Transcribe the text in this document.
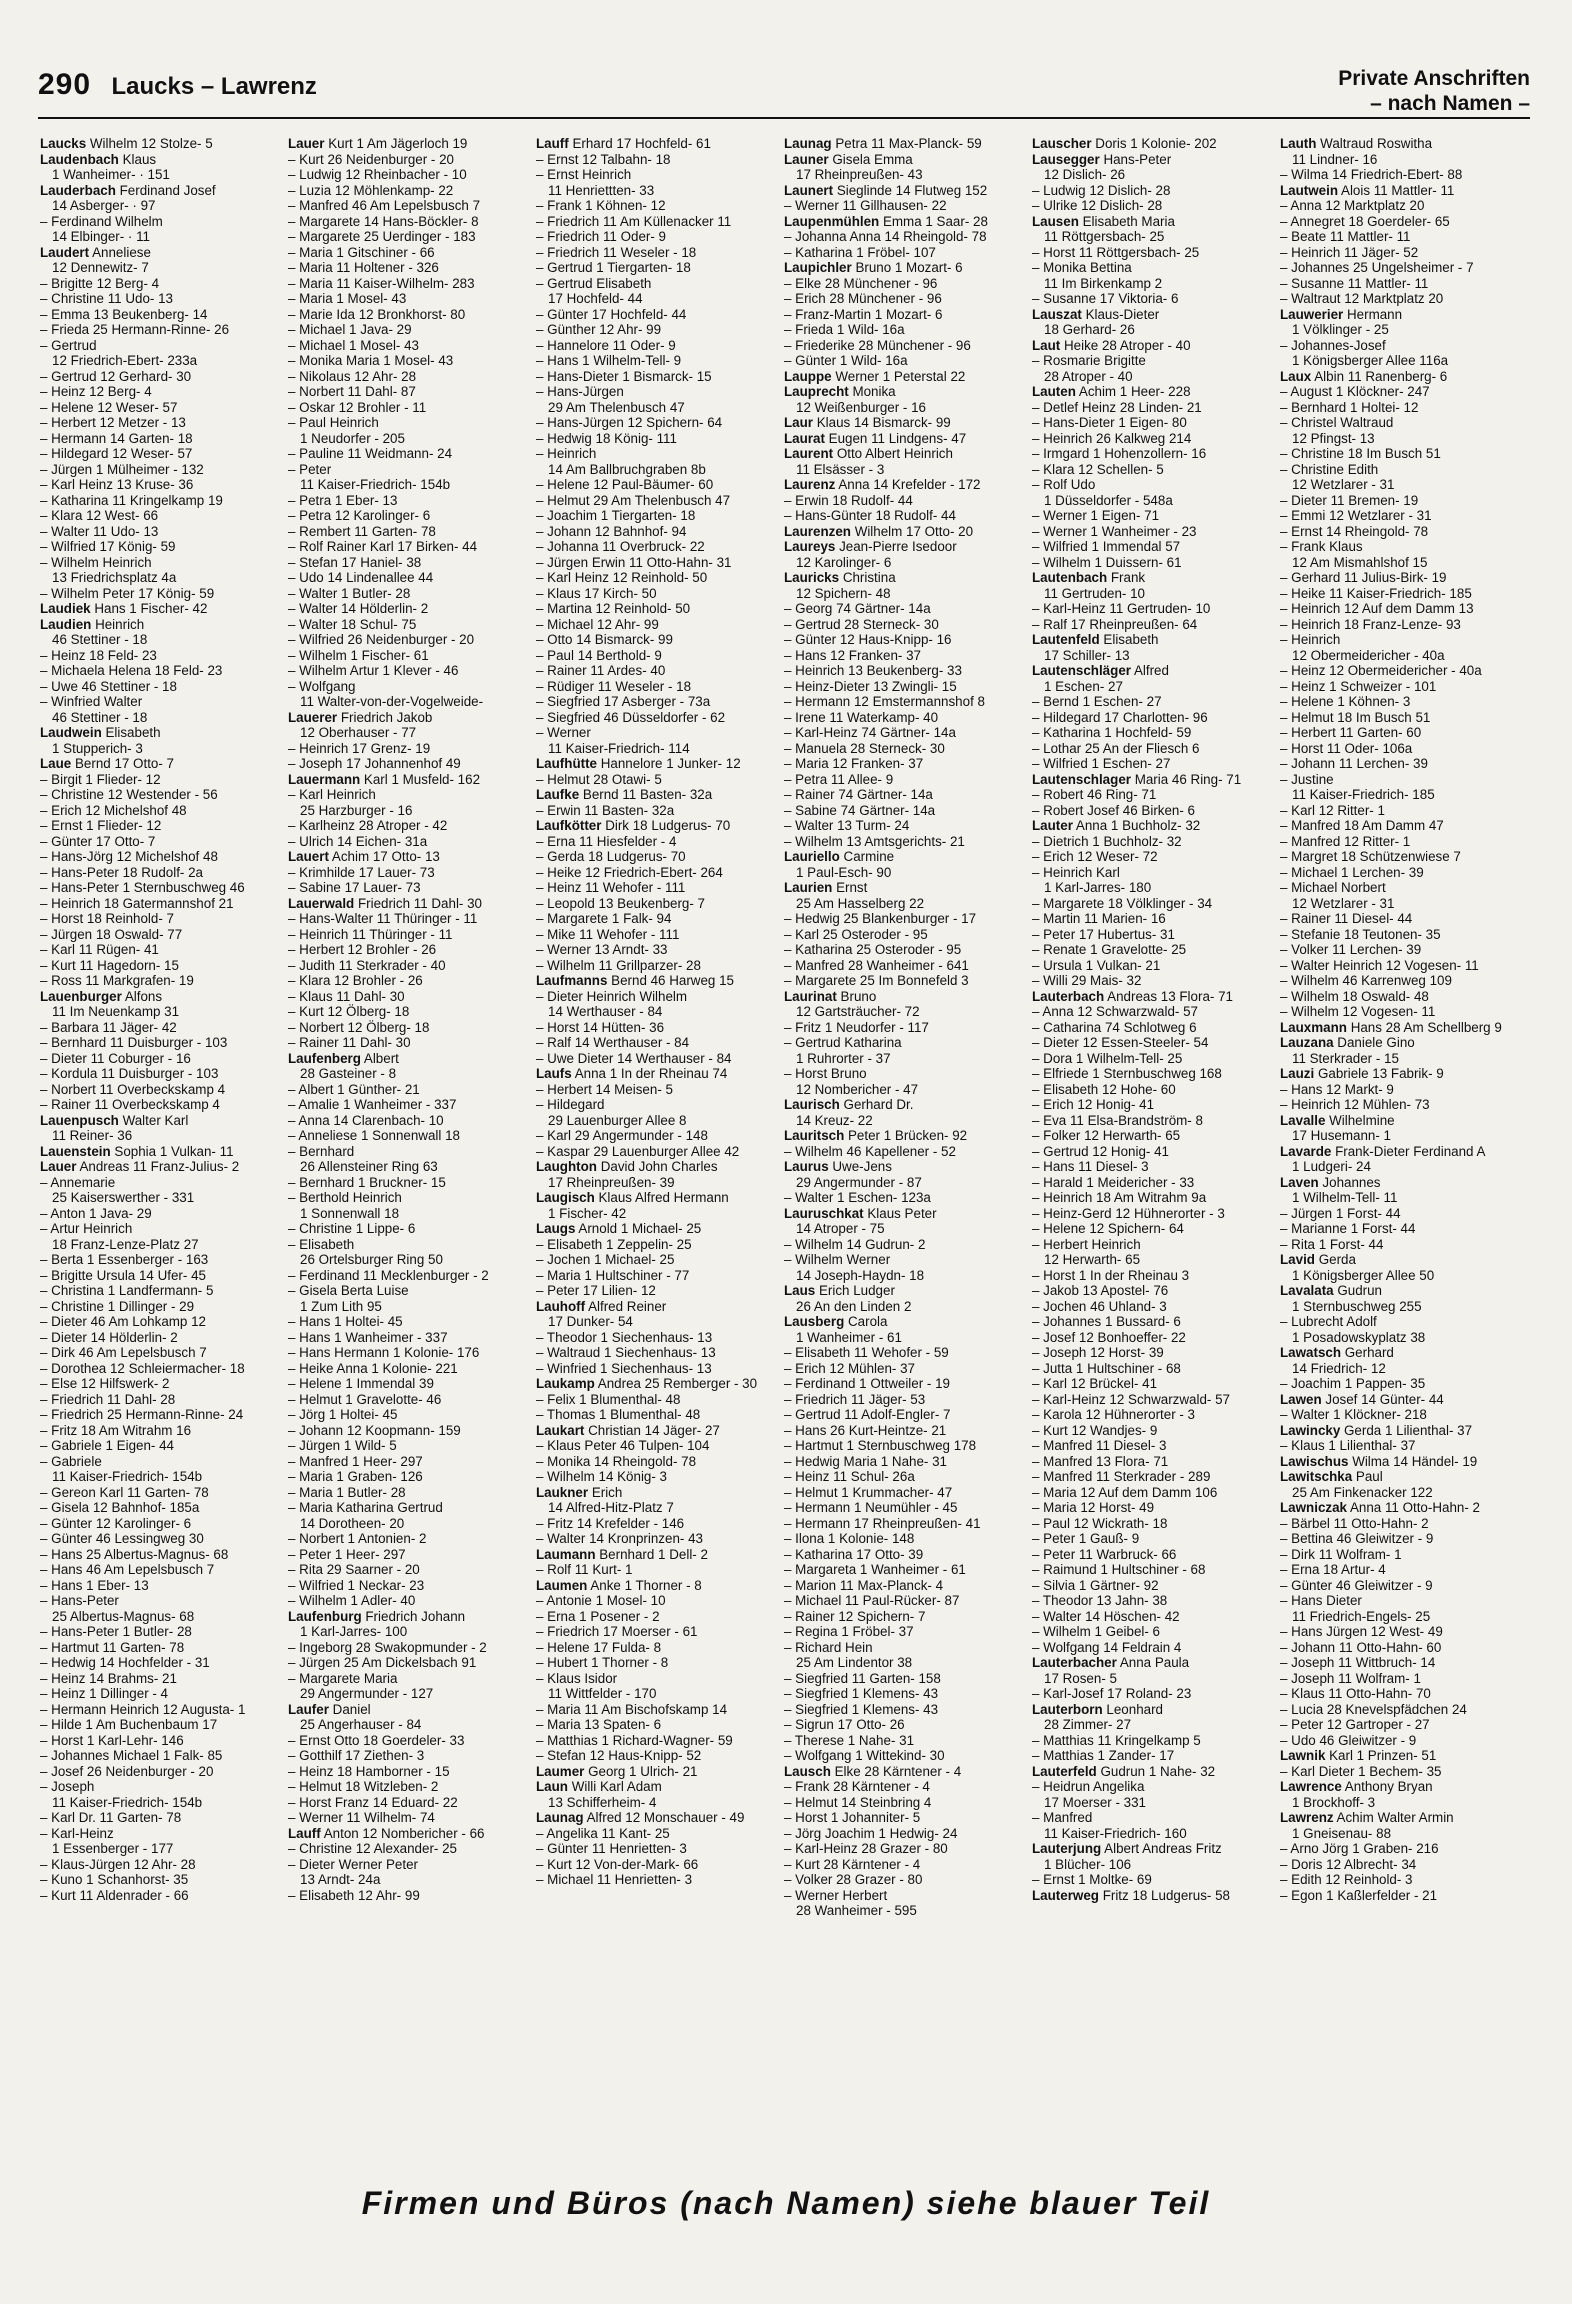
290 Laucks – Lawrenz	Private Anschriften
– nach Namen –
Laucks Wilhelm 12 Stolze- 5
Laudenbach Klaus
1 Wanheimer- · 151
Lauderbach Ferdinand Josef
14 Asberger- · 97
– Ferdinand Wilhelm
14 Elbinger- · 11
Laudert Anneliese
12 Dennewitz- 7
– Brigitte 12 Berg- 4
– Christine 11 Udo- 13
– Emma 13 Beukenberg- 14
– Frieda 25 Hermann-Rinne- 26
– Gertrud
12 Friedrich-Ebert- 233a
– Gertrud 12 Gerhard- 30
– Heinz 12 Berg- 4
– Helene 12 Weser- 57
– Herbert 12 Metzer - 13
– Hermann 14 Garten- 18
– Hildegard 12 Weser- 57
– Jürgen 1 Mülheimer - 132
– Karl Heinz 13 Kruse- 36
– Katharina 11 Kringelkamp 19
– Klara 12 West- 66
– Walter 11 Udo- 13
– Wilfried 17 König- 59
– Wilhelm Heinrich
13 Friedrichsplatz 4a
– Wilhelm Peter 17 König- 59
Laudiek Hans 1 Fischer- 42
Laudien Heinrich
46 Stettiner - 18
– Heinz 18 Feld- 23
– Michaela Helena 18 Feld- 23
– Uwe 46 Stettiner - 18
– Winfried Walter
46 Stettiner - 18
Laudwein Elisabeth
1 Stupperich- 3
Laue Bernd 17 Otto- 7
– Birgit 1 Flieder- 12
– Christine 12 Westender - 56
– Erich 12 Michelshof 48
– Ernst 1 Flieder- 12
– Günter 17 Otto- 7
– Hans-Jörg 12 Michelshof 48
– Hans-Peter 18 Rudolf- 2a
– Hans-Peter 1 Sternbuschweg 46
– Heinrich 18 Gatermannshof 21
– Horst 18 Reinhold- 7
– Jürgen 18 Oswald- 77
– Karl 11 Rügen- 41
– Kurt 11 Hagedorn- 15
– Ross 11 Markgrafen- 19
Lauenburger Alfons
11 Im Neuenkamp 31
– Barbara 11 Jäger- 42
– Bernhard 11 Duisburger - 103
– Dieter 11 Coburger - 16
– Kordula 11 Duisburger - 103
– Norbert 11 Overbeckskamp 4
– Rainer 11 Overbeckskamp 4
Lauenpusch Walter Karl
11 Reiner- 36
Lauenstein Sophia 1 Vulkan- 11
Lauer Andreas 11 Franz-Julius- 2
– Annemarie
25 Kaiserswerther - 331
– Anton 1 Java- 29
– Artur Heinrich
18 Franz-Lenze-Platz 27
– Berta 1 Essenberger - 163
– Brigitte Ursula 14 Ufer- 45
– Christina 1 Landfermann- 5
– Christine 1 Dillinger - 29
– Dieter 46 Am Lohkamp 12
– Dieter 14 Hölderlin- 2
– Dirk 46 Am Lepelsbusch 7
– Dorothea 12 Schleiermacher- 18
– Else 12 Hilfswerk- 2
– Friedrich 11 Dahl- 28
– Friedrich 25 Hermann-Rinne- 24
– Fritz 18 Am Witrahm 16
– Gabriele 1 Eigen- 44
– Gabriele
11 Kaiser-Friedrich- 154b
– Gereon Karl 11 Garten- 78
– Gisela 12 Bahnhof- 185a
– Günter 12 Karolinger- 6
– Günter 46 Lessingweg 30
– Hans 25 Albertus-Magnus- 68
– Hans 46 Am Lepelsbusch 7
– Hans 1 Eber- 13
– Hans-Peter
25 Albertus-Magnus- 68
– Hans-Peter 1 Butler- 28
– Hartmut 11 Garten- 78
– Hedwig 14 Hochfelder - 31
– Heinz 14 Brahms- 21
– Heinz 1 Dillinger - 4
– Hermann Heinrich 12 Augusta- 1
– Hilde 1 Am Buchenbaum 17
– Horst 1 Karl-Lehr- 146
– Johannes Michael 1 Falk- 85
– Josef 26 Neidenburger - 20
– Joseph
11 Kaiser-Friedrich- 154b
– Karl Dr. 11 Garten- 78
– Karl-Heinz
1 Essenberger - 177
– Klaus-Jürgen 12 Ahr- 28
– Kuno 1 Schanhorst- 35
– Kurt 11 Aldenrader - 66
Lauer Kurt 1 Am Jägerloch 19
– Kurt 26 Neidenburger - 20
– Ludwig 12 Rheinbacher - 10
– Luzia 12 Möhlenkamp- 22
– Manfred 46 Am Lepelsbusch 7
– Margarete 14 Hans-Böckler- 8
– Margarete 25 Uerdinger - 183
– Maria 1 Gitschiner - 66
– Maria 11 Holtener - 326
– Maria 11 Kaiser-Wilhelm- 283
– Maria 1 Mosel- 43
– Marie Ida 12 Bronkhorst- 80
– Michael 1 Java- 29
– Michael 1 Mosel- 43
– Monika Maria 1 Mosel- 43
– Nikolaus 12 Ahr- 28
– Norbert 11 Dahl- 87
– Oskar 12 Brohler - 11
– Paul Heinrich
1 Neudorfer - 205
– Pauline 11 Weidmann- 24
– Peter
11 Kaiser-Friedrich- 154b
– Petra 1 Eber- 13
– Petra 12 Karolinger- 6
– Rembert 11 Garten- 78
– Rolf Rainer Karl 17 Birken- 44
– Stefan 17 Haniel- 38
– Udo 14 Lindenallee 44
– Walter 1 Butler- 28
– Walter 14 Hölderlin- 2
– Walter 18 Schul- 75
– Wilfried 26 Neidenburger - 20
– Wilhelm 1 Fischer- 61
– Wilhelm Artur 1 Klever - 46
– Wolfgang
11 Walter-von-der-Vogelweide-
Lauerer Friedrich Jakob
12 Oberhauser - 77
– Heinrich 17 Grenz- 19
– Joseph 17 Johannenhof 49
Lauermann Karl 1 Musfeld- 162
– Karl Heinrich
25 Harzburger - 16
– Karlheinz 28 Atroper - 42
– Ulrich 14 Eichen- 31a
Lauert Achim 17 Otto- 13
– Krimhilde 17 Lauer- 73
– Sabine 17 Lauer- 73
Lauerwald Friedrich 11 Dahl- 30
– Hans-Walter 11 Thüringer - 11
– Heinrich 11 Thüringer - 11
– Herbert 12 Brohler - 26
– Judith 11 Sterkrader - 40
– Klara 12 Brohler - 26
– Klaus 11 Dahl- 30
– Kurt 12 Ölberg- 18
– Norbert 12 Ölberg- 18
– Rainer 11 Dahl- 30
Laufenberg Albert
28 Gasteiner - 8
– Albert 1 Günther- 21
– Amalie 1 Wanheimer - 337
– Anna 14 Clarenbach- 10
– Anneliese 1 Sonnenwall 18
– Bernhard
26 Allensteiner Ring 63
– Bernhard 1 Bruckner- 15
– Berthold Heinrich
1 Sonnenwall 18
– Christine 1 Lippe- 6
– Elisabeth
26 Ortelsburger Ring 50
– Ferdinand 11 Mecklenburger - 2
– Gisela Berta Luise
1 Zum Lith 95
– Hans 1 Holtei- 45
– Hans 1 Wanheimer - 337
– Hans Hermann 1 Kolonie- 176
– Heike Anna 1 Kolonie- 221
– Helene 1 Immendal 39
– Helmut 1 Gravelotte- 46
– Jörg 1 Holtei- 45
– Johann 12 Koopmann- 159
– Jürgen 1 Wild- 5
– Manfred 1 Heer- 297
– Maria 1 Graben- 126
– Maria 1 Butler- 28
– Maria Katharina Gertrud
14 Dorotheen- 20
– Norbert 1 Antonien- 2
– Peter 1 Heer- 297
– Rita 29 Saarner - 20
– Wilfried 1 Neckar- 23
– Wilhelm 1 Adler- 40
Laufenburg Friedrich Johann
1 Karl-Jarres- 100
– Ingeborg 28 Swakopmunder - 2
– Jürgen 25 Am Dickelsbach 91
– Margarete Maria
29 Angermunder - 127
Laufer Daniel
25 Angerhauser - 84
– Ernst Otto 18 Goerdeler- 33
– Gotthilf 17 Ziethen- 3
– Heinz 18 Hamborner - 15
– Helmut 18 Witzleben- 2
– Horst Franz 14 Eduard- 22
– Werner 11 Wilhelm- 74
Lauff Anton 12 Nombericher - 66
– Christine 12 Alexander- 25
– Dieter Werner Peter
13 Arndt- 24a
– Elisabeth 12 Ahr- 99
Lauff Erhard 17 Hochfeld- 61
– Ernst 12 Talbahn- 18
– Ernst Heinrich
11 Henriettten- 33
– Frank 1 Köhnen- 12
– Friedrich 11 Am Küllenacker 11
– Friedrich 11 Oder- 9
– Friedrich 11 Weseler - 18
– Gertrud 1 Tiergarten- 18
– Gertrud Elisabeth
17 Hochfeld- 44
– Günter 17 Hochfeld- 44
– Günther 12 Ahr- 99
– Hannelore 11 Oder- 9
– Hans 1 Wilhelm-Tell- 9
– Hans-Dieter 1 Bismarck- 15
– Hans-Jürgen
29 Am Thelenbusch 47
– Hans-Jürgen 12 Spichern- 64
– Hedwig 18 König- 111
– Heinrich
14 Am Ballbruchgraben 8b
– Helene 12 Paul-Bäumer- 60
– Helmut 29 Am Thelenbusch 47
– Joachim 1 Tiergarten- 18
– Johann 12 Bahnhof- 94
– Johanna 11 Overbruck- 22
– Jürgen Erwin 11 Otto-Hahn- 31
– Karl Heinz 12 Reinhold- 50
– Klaus 17 Kirch- 50
– Martina 12 Reinhold- 50
– Michael 12 Ahr- 99
– Otto 14 Bismarck- 99
– Paul 14 Berthold- 9
– Rainer 11 Ardes- 40
– Rüdiger 11 Weseler - 18
– Siegfried 17 Asberger - 73a
– Siegfried 46 Düsseldorfer - 62
– Werner
11 Kaiser-Friedrich- 114
Laufhütte Hannelore 1 Junker- 12
– Helmut 28 Otawi- 5
Laufke Bernd 11 Basten- 32a
– Erwin 11 Basten- 32a
Laufkötter Dirk 18 Ludgerus- 70
– Erna 11 Hiesfelder - 4
– Gerda 18 Ludgerus- 70
– Heike 12 Friedrich-Ebert- 264
– Heinz 11 Wehofer - 111
– Leopold 13 Beukenberg- 7
– Margarete 1 Falk- 94
– Mike 11 Wehofer - 111
– Werner 13 Arndt- 33
– Wilhelm 11 Grillparzer- 28
Laufmanns Bernd 46 Harweg 15
– Dieter Heinrich Wilhelm
14 Werthauser - 84
– Horst 14 Hütten- 36
– Ralf 14 Werthauser - 84
– Uwe Dieter 14 Werthauser - 84
Laufs Anna 1 In der Rheinau 74
– Herbert 14 Meisen- 5
– Hildegard
29 Lauenburger Allee 8
– Karl 29 Angermunder - 148
– Kaspar 29 Lauenburger Allee 42
Laughton David John Charles
17 Rheinpreußen- 39
Laugisch Klaus Alfred Hermann
1 Fischer- 42
Laugs Arnold 1 Michael- 25
– Elisabeth 1 Zeppelin- 25
– Jochen 1 Michael- 25
– Maria 1 Hultschiner - 77
– Peter 17 Lilien- 12
Lauhoff Alfred Reiner
17 Dunker- 54
– Theodor 1 Siechenhaus- 13
– Waltraud 1 Siechenhaus- 13
– Winfried 1 Siechenhaus- 13
Laukamp Andrea 25 Remberger - 30
– Felix 1 Blumenthal- 48
– Thomas 1 Blumenthal- 48
Laukart Christian 14 Jäger- 27
– Klaus Peter 46 Tulpen- 104
– Monika 14 Rheingold- 78
– Wilhelm 14 König- 3
Laukner Erich
14 Alfred-Hitz-Platz 7
– Fritz 14 Krefelder - 146
– Walter 14 Kronprinzen- 43
Laumann Bernhard 1 Dell- 2
– Rolf 11 Kurt- 1
Laumen Anke 1 Thorner - 8
– Antonie 1 Mosel- 10
– Erna 1 Posener - 2
– Friedrich 17 Moerser - 61
– Helene 17 Fulda- 8
– Hubert 1 Thorner - 8
– Klaus Isidor
11 Wittfelder - 170
– Maria 11 Am Bischofskamp 14
– Maria 13 Spaten- 6
– Matthias 1 Richard-Wagner- 59
– Stefan 12 Haus-Knipp- 52
Laumer Georg 1 Ulrich- 21
Laun Willi Karl Adam
13 Schifferheim- 4
Launag Alfred 12 Monschauer - 49
– Angelika 11 Kant- 25
– Günter 11 Henrietten- 3
– Kurt 12 Von-der-Mark- 66
– Michael 11 Henrietten- 3
Launag Petra 11 Max-Planck- 59
Launer Gisela Emma
17 Rheinpreußen- 43
Launert Sieglinde 14 Flutweg 152
– Werner 11 Gillhausen- 22
Laupenmühlen Emma 1 Saar- 28
– Johanna Anna 14 Rheingold- 78
– Katharina 1 Fröbel- 107
Laupichler Bruno 1 Mozart- 6
– Elke 28 Münchener - 96
– Erich 28 Münchener - 96
– Franz-Martin 1 Mozart- 6
– Frieda 1 Wild- 16a
– Friederike 28 Münchener - 96
– Günter 1 Wild- 16a
Lauppe Werner 1 Peterstal 22
Lauprecht Monika
12 Weißenburger - 16
Laur Klaus 14 Bismarck- 99
Laurat Eugen 11 Lindgens- 47
Laurent Otto Albert Heinrich
11 Elsässer - 3
Laurenz Anna 14 Krefelder - 172
– Erwin 18 Rudolf- 44
– Hans-Günter 18 Rudolf- 44
Laurenzen Wilhelm 17 Otto- 20
Laureys Jean-Pierre Isedoor
12 Karolinger- 6
Lauricks Christina
12 Spichern- 48
– Georg 74 Gärtner- 14a
– Gertrud 28 Sterneck- 30
– Günter 12 Haus-Knipp- 16
– Hans 12 Franken- 37
– Heinrich 13 Beukenberg- 33
– Heinz-Dieter 13 Zwingli- 15
– Hermann 12 Emstermannshof 8
– Irene 11 Waterkamp- 40
– Karl-Heinz 74 Gärtner- 14a
– Manuela 28 Sterneck- 30
– Maria 12 Franken- 37
– Petra 11 Allee- 9
– Rainer 74 Gärtner- 14a
– Sabine 74 Gärtner- 14a
– Walter 13 Turm- 24
– Wilhelm 13 Amtsgerichts- 21
Lauriello Carmine
1 Paul-Esch- 90
Laurien Ernst
25 Am Hasselberg 22
– Hedwig 25 Blankenburger - 17
– Karl 25 Osteroder - 95
– Katharina 25 Osteroder - 95
– Manfred 28 Wanheimer - 641
– Margarete 25 Im Bonnefeld 3
Laurinat Bruno
12 Gartsträucher- 72
– Fritz 1 Neudorfer - 117
– Gertrud Katharina
1 Ruhrorter - 37
– Horst Bruno
12 Nombericher - 47
Laurisch Gerhard Dr.
14 Kreuz- 22
Lauritsch Peter 1 Brücken- 92
– Wilhelm 46 Kapellener - 52
Laurus Uwe-Jens
29 Angermunder - 87
– Walter 1 Eschen- 123a
Lauruschkat Klaus Peter
14 Atroper - 75
– Wilhelm 14 Gudrun- 2
– Wilhelm Werner
14 Joseph-Haydn- 18
Laus Erich Ludger
26 An den Linden 2
Lausberg Carola
1 Wanheimer - 61
– Elisabeth 11 Wehofer - 59
– Erich 12 Mühlen- 37
– Ferdinand 1 Ottweiler - 19
– Friedrich 11 Jäger- 53
– Gertrud 11 Adolf-Engler- 7
– Hans 26 Kurt-Heintze- 21
– Hartmut 1 Sternbuschweg 178
– Hedwig Maria 1 Nahe- 31
– Heinz 11 Schul- 26a
– Helmut 1 Krummacher- 47
– Hermann 1 Neumühler - 45
– Hermann 17 Rheinpreußen- 41
– Ilona 1 Kolonie- 148
– Katharina 17 Otto- 39
– Margareta 1 Wanheimer - 61
– Marion 11 Max-Planck- 4
– Michael 11 Paul-Rücker- 87
– Rainer 12 Spichern- 7
– Regina 1 Fröbel- 37
– Richard Hein
25 Am Lindentor 38
– Siegfried 11 Garten- 158
– Siegfried 1 Klemens- 43
– Siegfried 1 Klemens- 43
– Sigrun 17 Otto- 26
– Therese 1 Nahe- 31
– Wolfgang 1 Wittekind- 30
Lausch Elke 28 Kärntener - 4
– Frank 28 Kärntener - 4
– Helmut 14 Steinbring 4
– Horst 1 Johanniter- 5
– Jörg Joachim 1 Hedwig- 24
– Karl-Heinz 28 Grazer - 80
– Kurt 28 Kärntener - 4
– Volker 28 Grazer - 80
– Werner Herbert
28 Wanheimer - 595
Lauscher Doris 1 Kolonie- 202
Lausegger Hans-Peter
12 Dislich- 26
– Ludwig 12 Dislich- 28
– Ulrike 12 Dislich- 28
Lausen Elisabeth Maria
11 Röttgersbach- 25
– Horst 11 Röttgersbach- 25
– Monika Bettina
11 Im Birkenkamp 2
– Susanne 17 Viktoria- 6
Lauszat Klaus-Dieter
18 Gerhard- 26
Laut Heike 28 Atroper - 40
– Rosmarie Brigitte
28 Atroper - 40
Lauten Achim 1 Heer- 228
– Detlef Heinz 28 Linden- 21
– Hans-Dieter 1 Eigen- 80
– Heinrich 26 Kalkweg 214
– Irmgard 1 Hohenzollern- 16
– Klara 12 Schellen- 5
– Rolf Udo
1 Düsseldorfer - 548a
– Werner 1 Eigen- 71
– Werner 1 Wanheimer - 23
– Wilfried 1 Immendal 57
– Wilhelm 1 Duissern- 61
Lautenbach Frank
11 Gertruden- 10
– Karl-Heinz 11 Gertruden- 10
– Ralf 17 Rheinpreußen- 64
Lautenfeld Elisabeth
17 Schiller- 13
Lautenschläger Alfred
1 Eschen- 27
– Bernd 1 Eschen- 27
– Hildegard 17 Charlotten- 96
– Katharina 1 Hochfeld- 59
– Lothar 25 An der Fliesch 6
– Wilfried 1 Eschen- 27
Lautenschlager Maria 46 Ring- 71
– Robert 46 Ring- 71
– Robert Josef 46 Birken- 6
Lauter Anna 1 Buchholz- 32
– Dietrich 1 Buchholz- 32
– Erich 12 Weser- 72
– Heinrich Karl
1 Karl-Jarres- 180
– Margarete 18 Völklinger - 34
– Martin 11 Marien- 16
– Peter 17 Hubertus- 31
– Renate 1 Gravelotte- 25
– Ursula 1 Vulkan- 21
– Willi 29 Mais- 32
Lauterbach Andreas 13 Flora- 71
– Anna 12 Schwarzwald- 57
– Catharina 74 Schlotweg 6
– Dieter 12 Essen-Steeler- 54
– Dora 1 Wilhelm-Tell- 25
– Elfriede 1 Sternbuschweg 168
– Elisabeth 12 Hohe- 60
– Erich 12 Honig- 41
– Eva 11 Elsa-Brandström- 8
– Folker 12 Herwarth- 65
– Gertrud 12 Honig- 41
– Hans 11 Diesel- 3
– Harald 1 Meidericher - 33
– Heinrich 18 Am Witrahm 9a
– Heinz-Gerd 12 Hühnerorter - 3
– Helene 12 Spichern- 64
– Herbert Heinrich
12 Herwarth- 65
– Horst 1 In der Rheinau 3
– Jakob 13 Apostel- 76
– Jochen 46 Uhland- 3
– Johannes 1 Bussard- 6
– Josef 12 Bonhoeffer- 22
– Joseph 12 Horst- 39
– Jutta 1 Hultschiner - 68
– Karl 12 Brückel- 41
– Karl-Heinz 12 Schwarzwald- 57
– Karola 12 Hühnerorter - 3
– Kurt 12 Wandjes- 9
– Manfred 11 Diesel- 3
– Manfred 13 Flora- 71
– Manfred 11 Sterkrader - 289
– Maria 12 Auf dem Damm 106
– Maria 12 Horst- 49
– Paul 12 Wickrath- 18
– Peter 1 Gauß- 9
– Peter 11 Warbruck- 66
– Raimund 1 Hultschiner - 68
– Silvia 1 Gärtner- 92
– Theodor 13 Jahn- 38
– Walter 14 Höschen- 42
– Wilhelm 1 Geibel- 6
– Wolfgang 14 Feldrain 4
Lauterbacher Anna Paula
17 Rosen- 5
– Karl-Josef 17 Roland- 23
Lauterborn Leonhard
28 Zimmer- 27
– Matthias 11 Kringelkamp 5
– Matthias 1 Zander- 17
Lauterfeld Gudrun 1 Nahe- 32
– Heidrun Angelika
17 Moerser - 331
– Manfred
11 Kaiser-Friedrich- 160
Lauterjung Albert Andreas Fritz
1 Blücher- 106
– Ernst 1 Moltke- 69
Lauterweg Fritz 18 Ludgerus- 58
Lauth Waltraud Roswitha
11 Lindner- 16
– Wilma 14 Friedrich-Ebert- 88
Lautwein Alois 11 Mattler- 11
– Anna 12 Marktplatz 20
– Annegret 18 Goerdeler- 65
– Beate 11 Mattler- 11
– Heinrich 11 Jäger- 52
– Johannes 25 Ungelsheimer - 7
– Susanne 11 Mattler- 11
– Waltraut 12 Marktplatz 20
Lauwerier Hermann
1 Völklinger - 25
– Johannes-Josef
1 Königsberger Allee 116a
Laux Albin 11 Ranenberg- 6
– August 1 Klöckner- 247
– Bernhard 1 Holtei- 12
– Christel Waltraud
12 Pfingst- 13
– Christine 18 Im Busch 51
– Christine Edith
12 Wetzlarer - 31
– Dieter 11 Bremen- 19
– Emmi 12 Wetzlarer - 31
– Ernst 14 Rheingold- 78
– Frank Klaus
12 Am Mismahlshof 15
– Gerhard 11 Julius-Birk- 19
– Heike 11 Kaiser-Friedrich- 185
– Heinrich 12 Auf dem Damm 13
– Heinrich 18 Franz-Lenze- 93
– Heinrich
12 Obermeidericher - 40a
– Heinz 12 Obermeidericher - 40a
– Heinz 1 Schweizer - 101
– Helene 1 Köhnen- 3
– Helmut 18 Im Busch 51
– Herbert 11 Garten- 60
– Horst 11 Oder- 106a
– Johann 11 Lerchen- 39
– Justine
11 Kaiser-Friedrich- 185
– Karl 12 Ritter- 1
– Manfred 18 Am Damm 47
– Manfred 12 Ritter- 1
– Margret 18 Schützenwiese 7
– Michael 1 Lerchen- 39
– Michael Norbert
12 Wetzlarer - 31
– Rainer 11 Diesel- 44
– Stefanie 18 Teutonen- 35
– Volker 11 Lerchen- 39
– Walter Heinrich 12 Vogesen- 11
– Wilhelm 46 Karrenweg 109
– Wilhelm 18 Oswald- 48
– Wilhelm 12 Vogesen- 11
Lauxmann Hans 28 Am Schellberg 9
Lauzana Daniele Gino
11 Sterkrader - 15
Lauzi Gabriele 13 Fabrik- 9
– Hans 12 Markt- 9
– Heinrich 12 Mühlen- 73
Lavalle Wilhelmine
17 Husemann- 1
Lavarde Frank-Dieter Ferdinand A
1 Ludgeri- 24
Laven Johannes
1 Wilhelm-Tell- 11
– Jürgen 1 Forst- 44
– Marianne 1 Forst- 44
– Rita 1 Forst- 44
Lavid Gerda
1 Königsberger Allee 50
Lavalata Gudrun
1 Sternbuschweg 255
– Lubrecht Adolf
1 Posadowskyplatz 38
Lawatsch Gerhard
14 Friedrich- 12
– Joachim 1 Pappen- 35
Lawen Josef 14 Günter- 44
– Walter 1 Klöckner- 218
Lawincky Gerda 1 Lilienthal- 37
– Klaus 1 Lilienthal- 37
Lawischus Wilma 14 Händel- 19
Lawitschka Paul
25 Am Finkenacker 122
Lawniczak Anna 11 Otto-Hahn- 2
– Bärbel 11 Otto-Hahn- 2
– Bettina 46 Gleiwitzer - 9
– Dirk 11 Wolfram- 1
– Erna 18 Artur- 4
– Günter 46 Gleiwitzer - 9
– Hans Dieter
11 Friedrich-Engels- 25
– Hans Jürgen 12 West- 49
– Johann 11 Otto-Hahn- 60
– Joseph 11 Wittbruch- 14
– Joseph 11 Wolfram- 1
– Klaus 11 Otto-Hahn- 70
– Lucia 28 Knevelspfädchen 24
– Peter 12 Gartroper - 27
– Udo 46 Gleiwitzer - 9
Lawnik Karl 1 Prinzen- 51
– Karl Dieter 1 Bechem- 35
Lawrence Anthony Bryan
1 Brockhoff- 3
Lawrenz Achim Walter Armin
1 Gneisenau- 88
– Arno Jörg 1 Graben- 216
– Doris 12 Albrecht- 34
– Edith 12 Reinhold- 3
– Egon 1 Kaßlerfelder - 21
Firmen und Büros (nach Namen) siehe blauer Teil
